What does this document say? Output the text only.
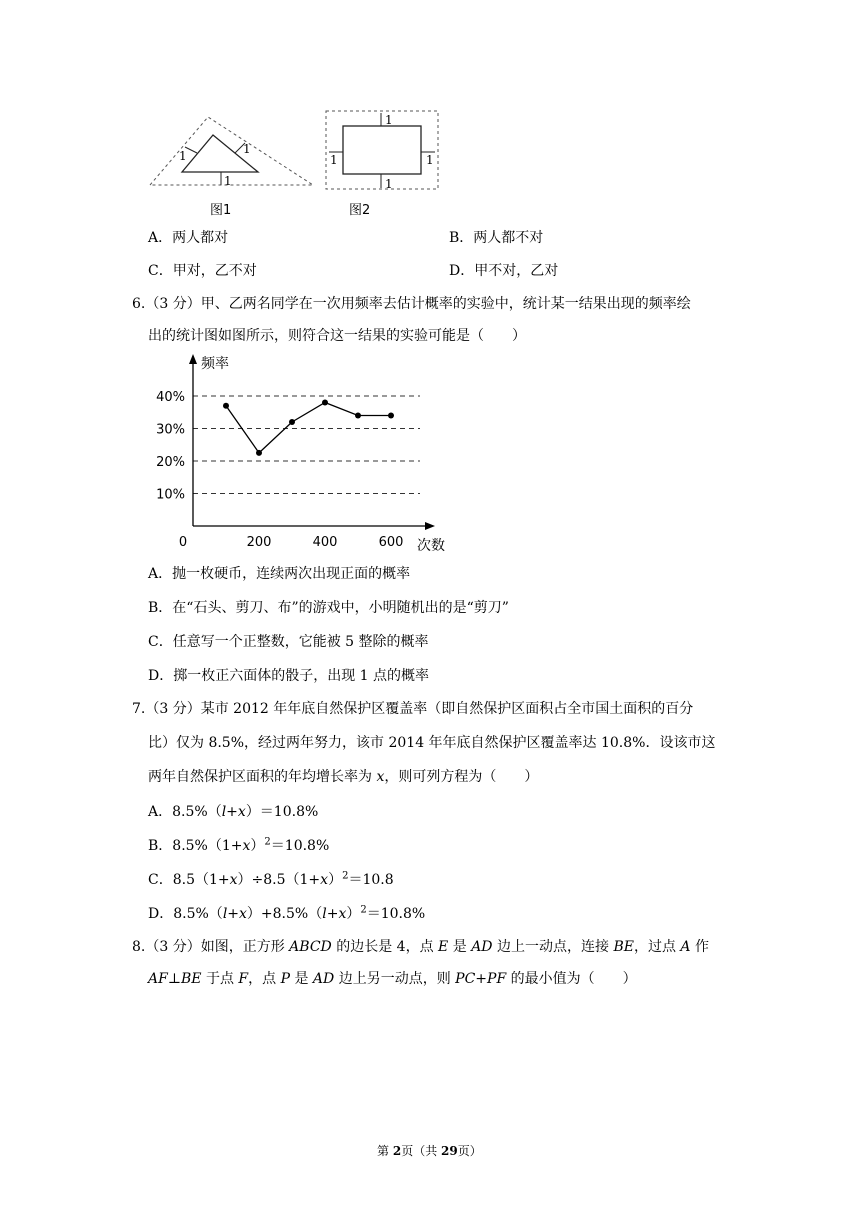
1	1
1
图1
1
1	1
1
图2
A．两人都对	B．两人都不对
C．甲对，乙不对	D．甲不对，乙对
6.（3 分）甲、乙两名同学在一次用频率去估计概率的实验中，统计某一结果出现的频率绘
出的统计图如图所示，则符合这一结果的实验可能是（　　）
40%
30%
20%
10%
0	200	400	600
频率
次数
A．抛一枚硬币，连续两次出现正面的概率
B．在“石头、剪刀、布”的游戏中，小明随机出的是“剪刀”
C．任意写一个正整数，它能被 5 整除的概率
D．掷一枚正六面体的骰子，出现 1 点的概率
7.（3 分）某市 2012 年年底自然保护区覆盖率（即自然保护区面积占全市国土面积的百分
比）仅为 8.5%，经过两年努力，该市 2014 年年底自然保护区覆盖率达 10.8%．设该市这
两年自然保护区面积的年均增长率为 x，则可列方程为（　　）
A．8.5%（l+x）＝10.8%
B．$8.5\%(1+x)^2=10.8\%$
C．$8.5(1+x)\div 8.5(1+x)^2=10.8$
D．$8.5\%(l+x)+8.5\%(l+x)^2=10.8\%$
8.（3 分）如图，正方形 ABCD 的边长是 4，点 E 是 AD 边上一动点，连接 BE，过点 A 作
AF⊥BE 于点 F，点 P 是 AD 边上另一动点，则 PC+PF 的最小值为（　　）
第 2页（共 29页）
